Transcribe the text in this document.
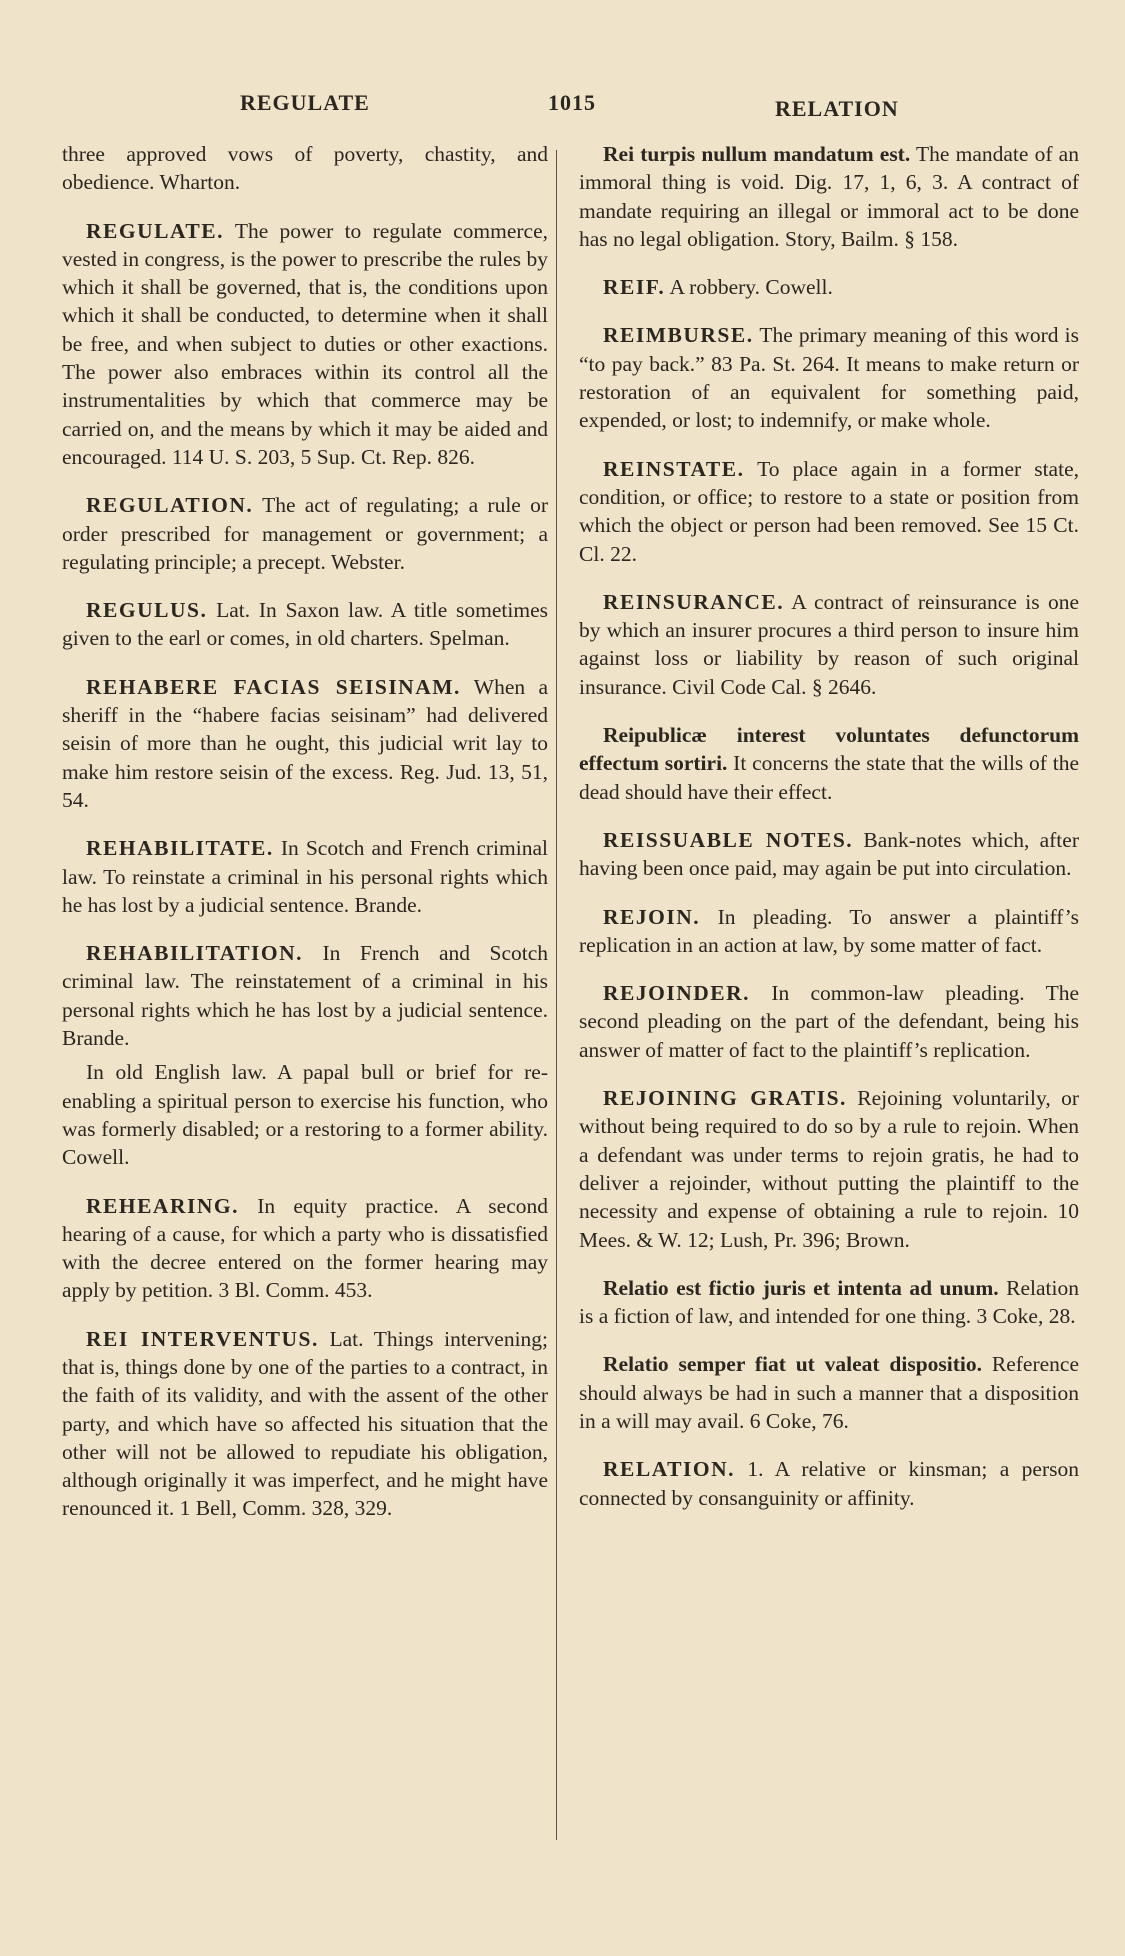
REGULATE	1015	RELATION

three approved vows of poverty, chastity, and obedience. Wharton.

REGULATE. The power to regulate commerce, vested in congress, is the power to prescribe the rules by which it shall be governed, that is, the conditions upon which it shall be conducted, to determine when it shall be free, and when subject to duties or other exactions. The power also embraces within its control all the instrumentalities by which that commerce may be carried on, and the means by which it may be aided and encouraged. 114 U. S. 203, 5 Sup. Ct. Rep. 826.

REGULATION. The act of regulating; a rule or order prescribed for management or government; a regulating principle; a precept. Webster.

REGULUS. Lat. In Saxon law. A title sometimes given to the earl or comes, in old charters. Spelman.

REHABERE FACIAS SEISINAM. When a sheriff in the “habere facias seisinam” had delivered seisin of more than he ought, this judicial writ lay to make him restore seisin of the excess. Reg. Jud. 13, 51, 54.

REHABILITATE. In Scotch and French criminal law. To reinstate a criminal in his personal rights which he has lost by a judicial sentence. Brande.

REHABILITATION. In French and Scotch criminal law. The reinstatement of a criminal in his personal rights which he has lost by a judicial sentence. Brande.

In old English law. A papal bull or brief for re-enabling a spiritual person to exercise his function, who was formerly disabled; or a restoring to a former ability. Cowell.

REHEARING. In equity practice. A second hearing of a cause, for which a party who is dissatisfied with the decree entered on the former hearing may apply by petition. 3 Bl. Comm. 453.

REI INTERVENTUS. Lat. Things intervening; that is, things done by one of the parties to a contract, in the faith of its validity, and with the assent of the other party, and which have so affected his situation that the other will not be allowed to repudiate his obligation, although originally it was imperfect, and he might have renounced it. 1 Bell, Comm. 328, 329.

Rei turpis nullum mandatum est. The mandate of an immoral thing is void. Dig. 17, 1, 6, 3. A contract of mandate requiring an illegal or immoral act to be done has no legal obligation. Story, Bailm. § 158.

REIF. A robbery. Cowell.

REIMBURSE. The primary meaning of this word is “to pay back.” 83 Pa. St. 264. It means to make return or restoration of an equivalent for something paid, expended, or lost; to indemnify, or make whole.

REINSTATE. To place again in a former state, condition, or office; to restore to a state or position from which the object or person had been removed. See 15 Ct. Cl. 22.

REINSURANCE. A contract of reinsurance is one by which an insurer procures a third person to insure him against loss or liability by reason of such original insurance. Civil Code Cal. § 2646.

Reipublicæ interest voluntates defunctorum effectum sortiri. It concerns the state that the wills of the dead should have their effect.

REISSUABLE NOTES. Bank-notes which, after having been once paid, may again be put into circulation.

REJOIN. In pleading. To answer a plaintiff’s replication in an action at law, by some matter of fact.

REJOINDER. In common-law pleading. The second pleading on the part of the defendant, being his answer of matter of fact to the plaintiff’s replication.

REJOINING GRATIS. Rejoining voluntarily, or without being required to do so by a rule to rejoin. When a defendant was under terms to rejoin gratis, he had to deliver a rejoinder, without putting the plaintiff to the necessity and expense of obtaining a rule to rejoin. 10 Mees. & W. 12; Lush, Pr. 396; Brown.

Relatio est fictio juris et intenta ad unum. Relation is a fiction of law, and intended for one thing. 3 Coke, 28.

Relatio semper fiat ut valeat dispositio. Reference should always be had in such a manner that a disposition in a will may avail. 6 Coke, 76.

RELATION. 1. A relative or kinsman; a person connected by consanguinity or affinity.
